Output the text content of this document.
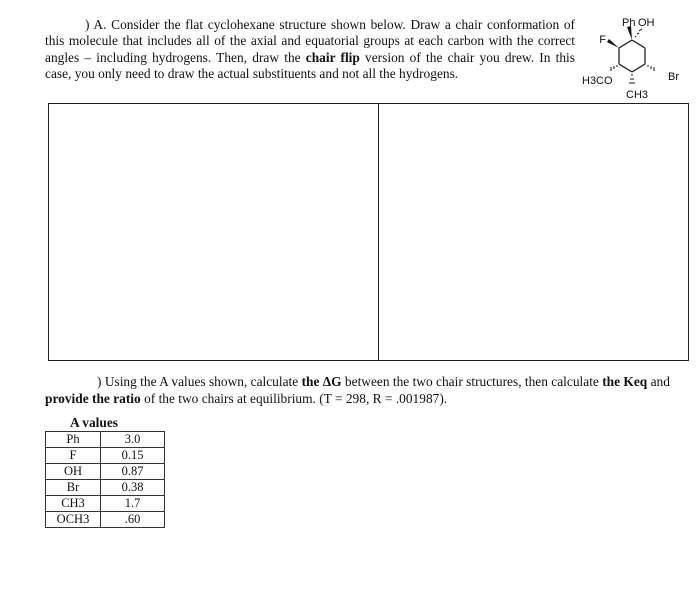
) A. Consider the flat cyclohexane structure shown below. Draw a chair conformation of this molecule that includes all of the axial and equatorial groups at each carbon with the correct angles – including hydrogens. Then, draw the chair flip version of the chair you drew. In this case, you only need to draw the actual substituents and not all the hydrogens.
Ph OH
F
Br
H3CO
CH3
) Using the A values shown, calculate the ΔG between the two chair structures, then calculate the Keq and provide the ratio of the two chairs at equilibrium. (T = 298, R = .001987).
A values
Ph	3.0
F	0.15
OH	0.87
Br	0.38
CH3	1.7
OCH3	.60
